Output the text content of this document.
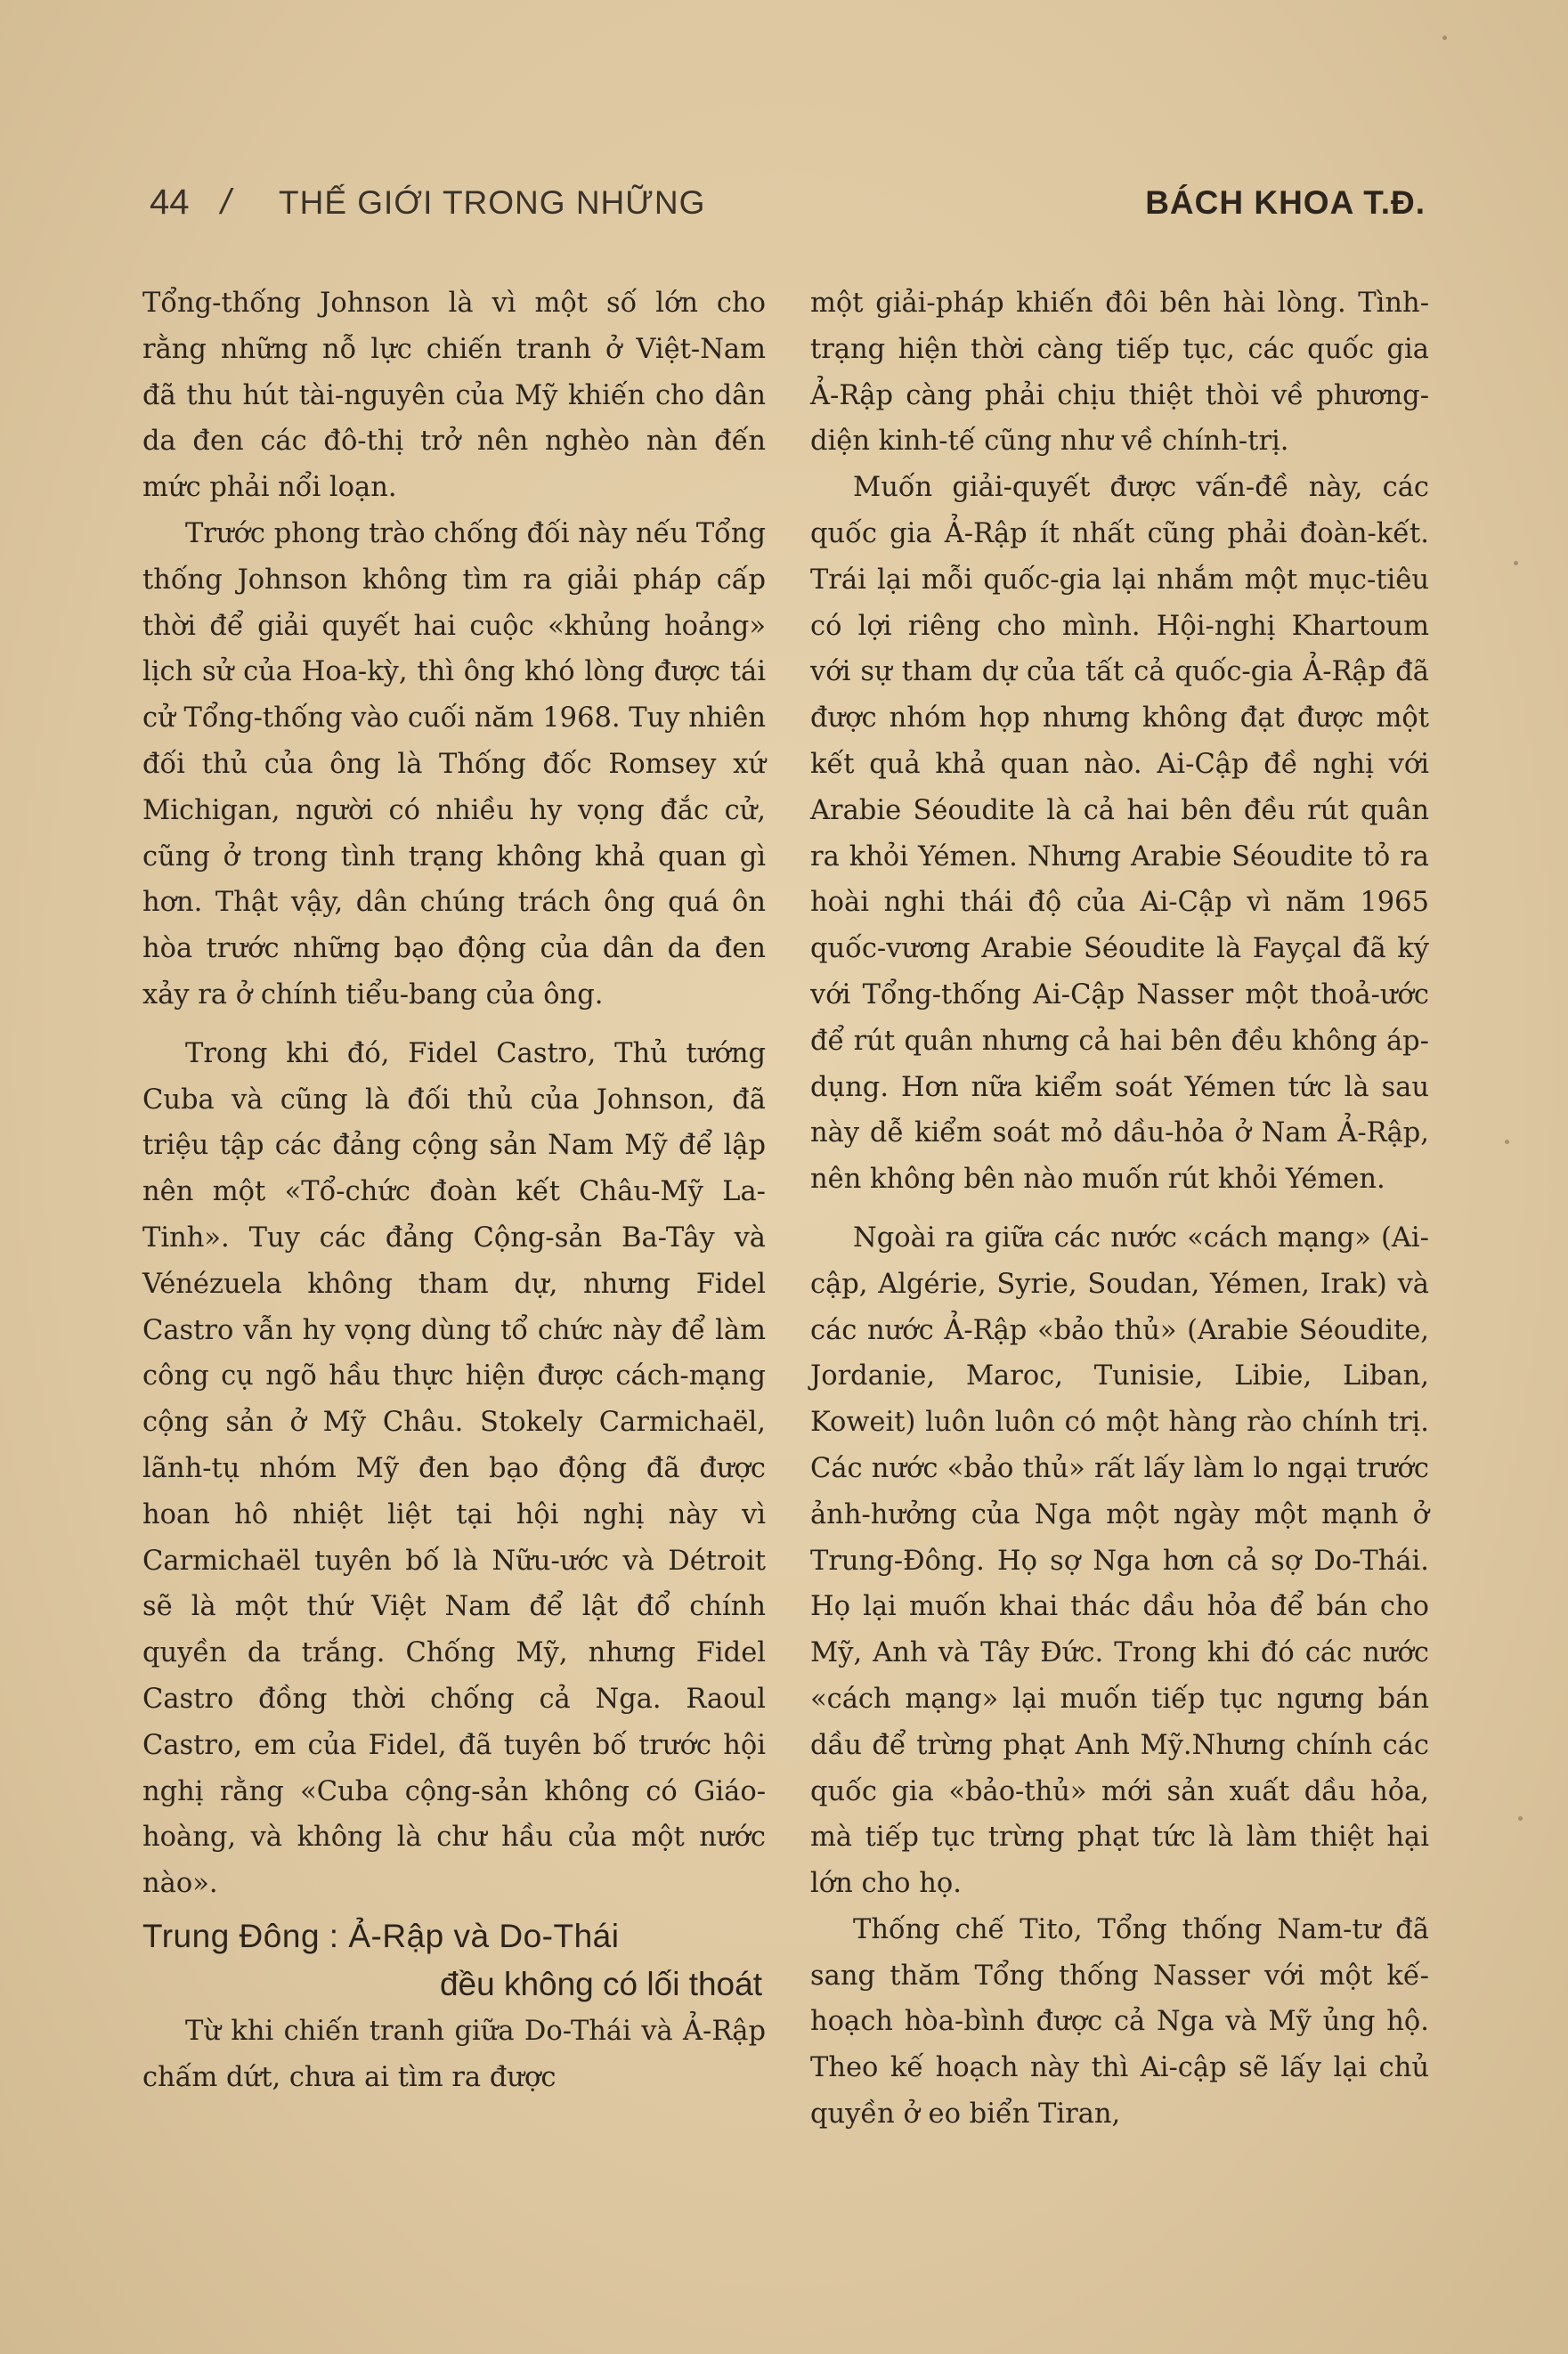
44 / THẾ GIỚI TRONG NHỮNG	BÁCH KHOA T.Đ.

Tổng-thống Johnson là vì một số lớn cho rằng những nỗ lực chiến tranh ở Việt-Nam đã thu hút tài-nguyên của Mỹ khiến cho dân da đen các đô-thị trở nên nghèo nàn đến mức phải nổi loạn.

Trước phong trào chống đối này nếu Tổng thống Johnson không tìm ra giải pháp cấp thời để giải quyết hai cuộc «khủng hoảng» lịch sử của Hoa-kỳ, thì ông khó lòng được tái cử Tổng-thống vào cuối năm 1968. Tuy nhiên đối thủ của ông là Thống đốc Romsey xứ Michigan, người có nhiều hy vọng đắc cử, cũng ở trong tình trạng không khả quan gì hơn. Thật vậy, dân chúng trách ông quá ôn hòa trước những bạo động của dân da đen xảy ra ở chính tiểu-bang của ông.

Trong khi đó, Fidel Castro, Thủ tướng Cuba và cũng là đối thủ của Johnson, đã triệu tập các đảng cộng sản Nam Mỹ để lập nên một «Tổ-chức đoàn kết Châu-Mỹ La-Tinh». Tuy các đảng Cộng-sản Ba-Tây và Vénézuela không tham dự, nhưng Fidel Castro vẫn hy vọng dùng tổ chức này để làm công cụ ngõ hầu thực hiện được cách-mạng cộng sản ở Mỹ Châu. Stokely Carmichaël, lãnh-tụ nhóm Mỹ đen bạo động đã được hoan hô nhiệt liệt tại hội nghị này vì Carmichaël tuyên bố là Nữu-ước và Détroit sẽ là một thứ Việt Nam để lật đổ chính quyền da trắng. Chống Mỹ, nhưng Fidel Castro đồng thời chống cả Nga. Raoul Castro, em của Fidel, đã tuyên bố trước hội nghị rằng «Cuba cộng-sản không có Giáo-hoàng, và không là chư hầu của một nước nào».

Trung Đông : Ả-Rập và Do-Thái
đều không có lối thoát

Từ khi chiến tranh giữa Do-Thái và Ả-Rập chấm dứt, chưa ai tìm ra được

một giải-pháp khiến đôi bên hài lòng. Tình-trạng hiện thời càng tiếp tục, các quốc gia Ả-Rập càng phải chịu thiệt thòi về phương-diện kinh-tế cũng như về chính-trị.

Muốn giải-quyết được vấn-đề này, các quốc gia Ả-Rập ít nhất cũng phải đoàn-kết. Trái lại mỗi quốc-gia lại nhắm một mục-tiêu có lợi riêng cho mình. Hội-nghị Khartoum với sự tham dự của tất cả quốc-gia Ả-Rập đã được nhóm họp nhưng không đạt được một kết quả khả quan nào. Ai-Cập đề nghị với Arabie Séoudite là cả hai bên đều rút quân ra khỏi Yémen. Nhưng Arabie Séoudite tỏ ra hoài nghi thái độ của Ai-Cập vì năm 1965 quốc-vương Arabie Séoudite là Fayçal đã ký với Tổng-thống Ai-Cập Nasser một thoả-ước để rút quân nhưng cả hai bên đều không áp-dụng. Hơn nữa kiểm soát Yémen tức là sau này dễ kiểm soát mỏ dầu-hỏa ở Nam Ả-Rập, nên không bên nào muốn rút khỏi Yémen.

Ngoài ra giữa các nước «cách mạng» (Ai-cập, Algérie, Syrie, Soudan, Yémen, Irak) và các nước Ả-Rập «bảo thủ» (Arabie Séoudite, Jordanie, Maroc, Tunisie, Libie, Liban, Koweit) luôn luôn có một hàng rào chính trị. Các nước «bảo thủ» rất lấy làm lo ngại trước ảnh-hưởng của Nga một ngày một mạnh ở Trung-Đông. Họ sợ Nga hơn cả sợ Do-Thái. Họ lại muốn khai thác dầu hỏa để bán cho Mỹ, Anh và Tây Đức. Trong khi đó các nước «cách mạng» lại muốn tiếp tục ngưng bán dầu để trừng phạt Anh Mỹ.Nhưng chính các quốc gia «bảo-thủ» mới sản xuất dầu hỏa, mà tiếp tục trừng phạt tức là làm thiệt hại lớn cho họ.

Thống chế Tito, Tổng thống Nam-tư đã sang thăm Tổng thống Nasser với một kế-hoạch hòa-bình được cả Nga và Mỹ ủng hộ. Theo kế hoạch này thì Ai-cập sẽ lấy lại chủ quyền ở eo biển Tiran,
